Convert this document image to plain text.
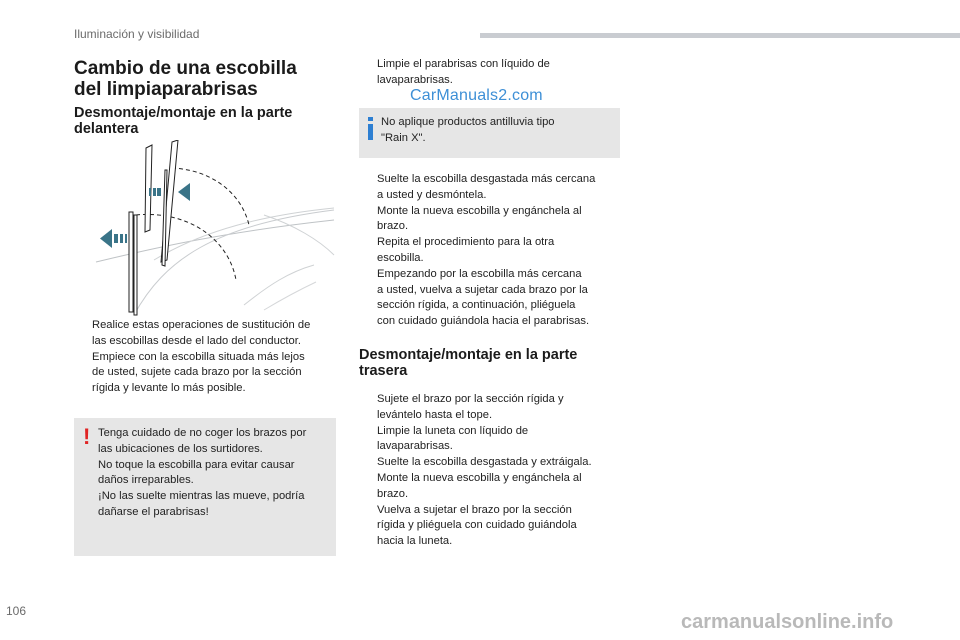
Iluminación y visibilidad
Cambio de una escobilla
del limpiaparabrisas
Desmontaje/montaje en la parte
delantera
Realice estas operaciones de sustitución de
las escobillas desde el lado del conductor.
Empiece con la escobilla situada más lejos
de usted, sujete cada brazo por la sección
rígida y levante lo más posible.
! Tenga cuidado de no coger los brazos por
las ubicaciones de los surtidores.
No toque la escobilla para evitar causar
daños irreparables.
¡No las suelte mientras las mueve, podría
dañarse el parabrisas!
Limpie el parabrisas con líquido de
lavaparabrisas.
CarManuals2.com
No aplique productos antilluvia tipo
"Rain X".
Suelte la escobilla desgastada más cercana
a usted y desmóntela.
Monte la nueva escobilla y engánchela al
brazo.
Repita el procedimiento para la otra
escobilla.
Empezando por la escobilla más cercana
a usted, vuelva a sujetar cada brazo por la
sección rígida, a continuación, pliéguela
con cuidado guiándola hacia el parabrisas.
Desmontaje/montaje en la parte
trasera
Sujete el brazo por la sección rígida y
levántelo hasta el tope.
Limpie la luneta con líquido de
lavaparabrisas.
Suelte la escobilla desgastada y extráigala.
Monte la nueva escobilla y engánchela al
brazo.
Vuelva a sujetar el brazo por la sección
rígida y pliéguela con cuidado guiándola
hacia la luneta.
106	carmanualsonline.info
